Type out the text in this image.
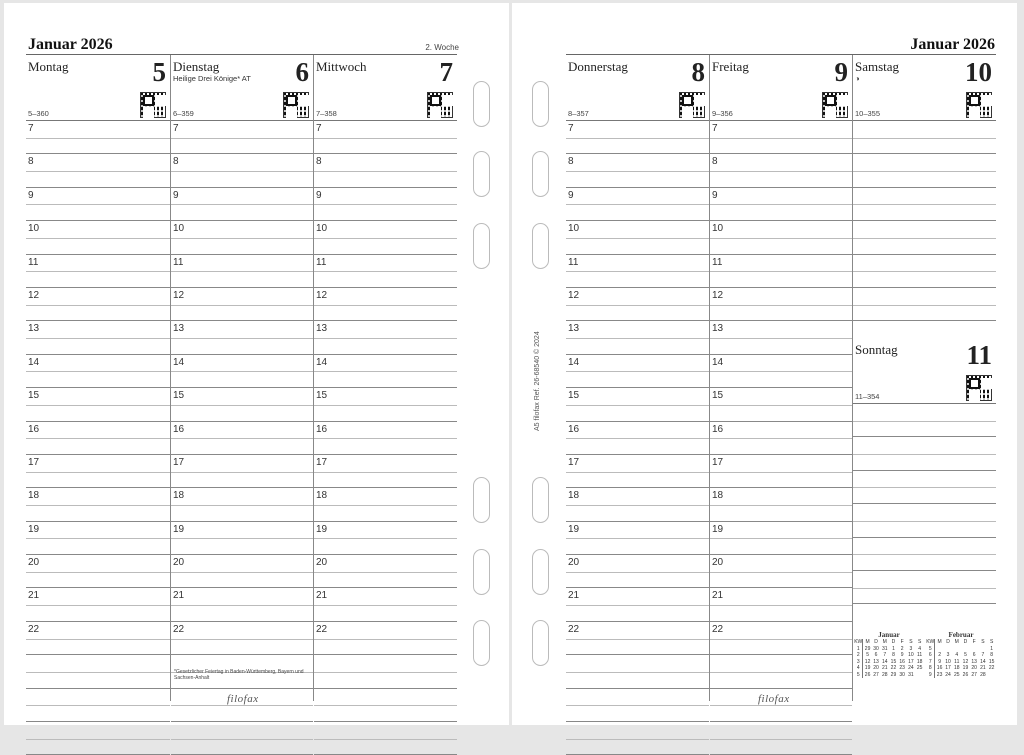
Januar 2026	2. Woche
Montag	5
5–360
7
8
9
10
11
12
13
14
15
16
17
18
19
20
21
22
Dienstag	6
Heilige Drei Könige* AT
6–359
7
8
9
10
11
12
13
14
15
16
17
18
19
20
21
22
Mittwoch	7
7–358
7
8
9
10
11
12
13
14
15
16
17
18
19
20
21
22
*Gesetzlicher Feiertag in Baden-Württemberg, Bayern und Sachsen-Anhalt
filofax
Januar 2026
A5 filofax Ref. 26-68540 © 2024
Donnerstag 8
8–357
7
8
9
10
11
12
13
14
15
16
17
18
19
20
21
22
Freitag	9
9–356
7
8
9
10
11
12
13
14
15
16
17
18
19
20
21
22
Samstag 10
◑
10–355
Sonntag	11
11–354
Januar
KW	M	D	M	D	F	S	S
1	29	30	31	1	2	3	4
2	5	6	7	8	9	10	11
3	12	13	14	15	16	17	18
4	19	20	21	22	23	24	25
5	26	27	28	29	30	31	
Februar
KW	M	D	M	D	F	S	S
5							1
6	2	3	4	5	6	7	8
7	9	10	11	12	13	14	15
8	16	17	18	19	20	21	22
9	23	24	25	26	27	28	
filofax
